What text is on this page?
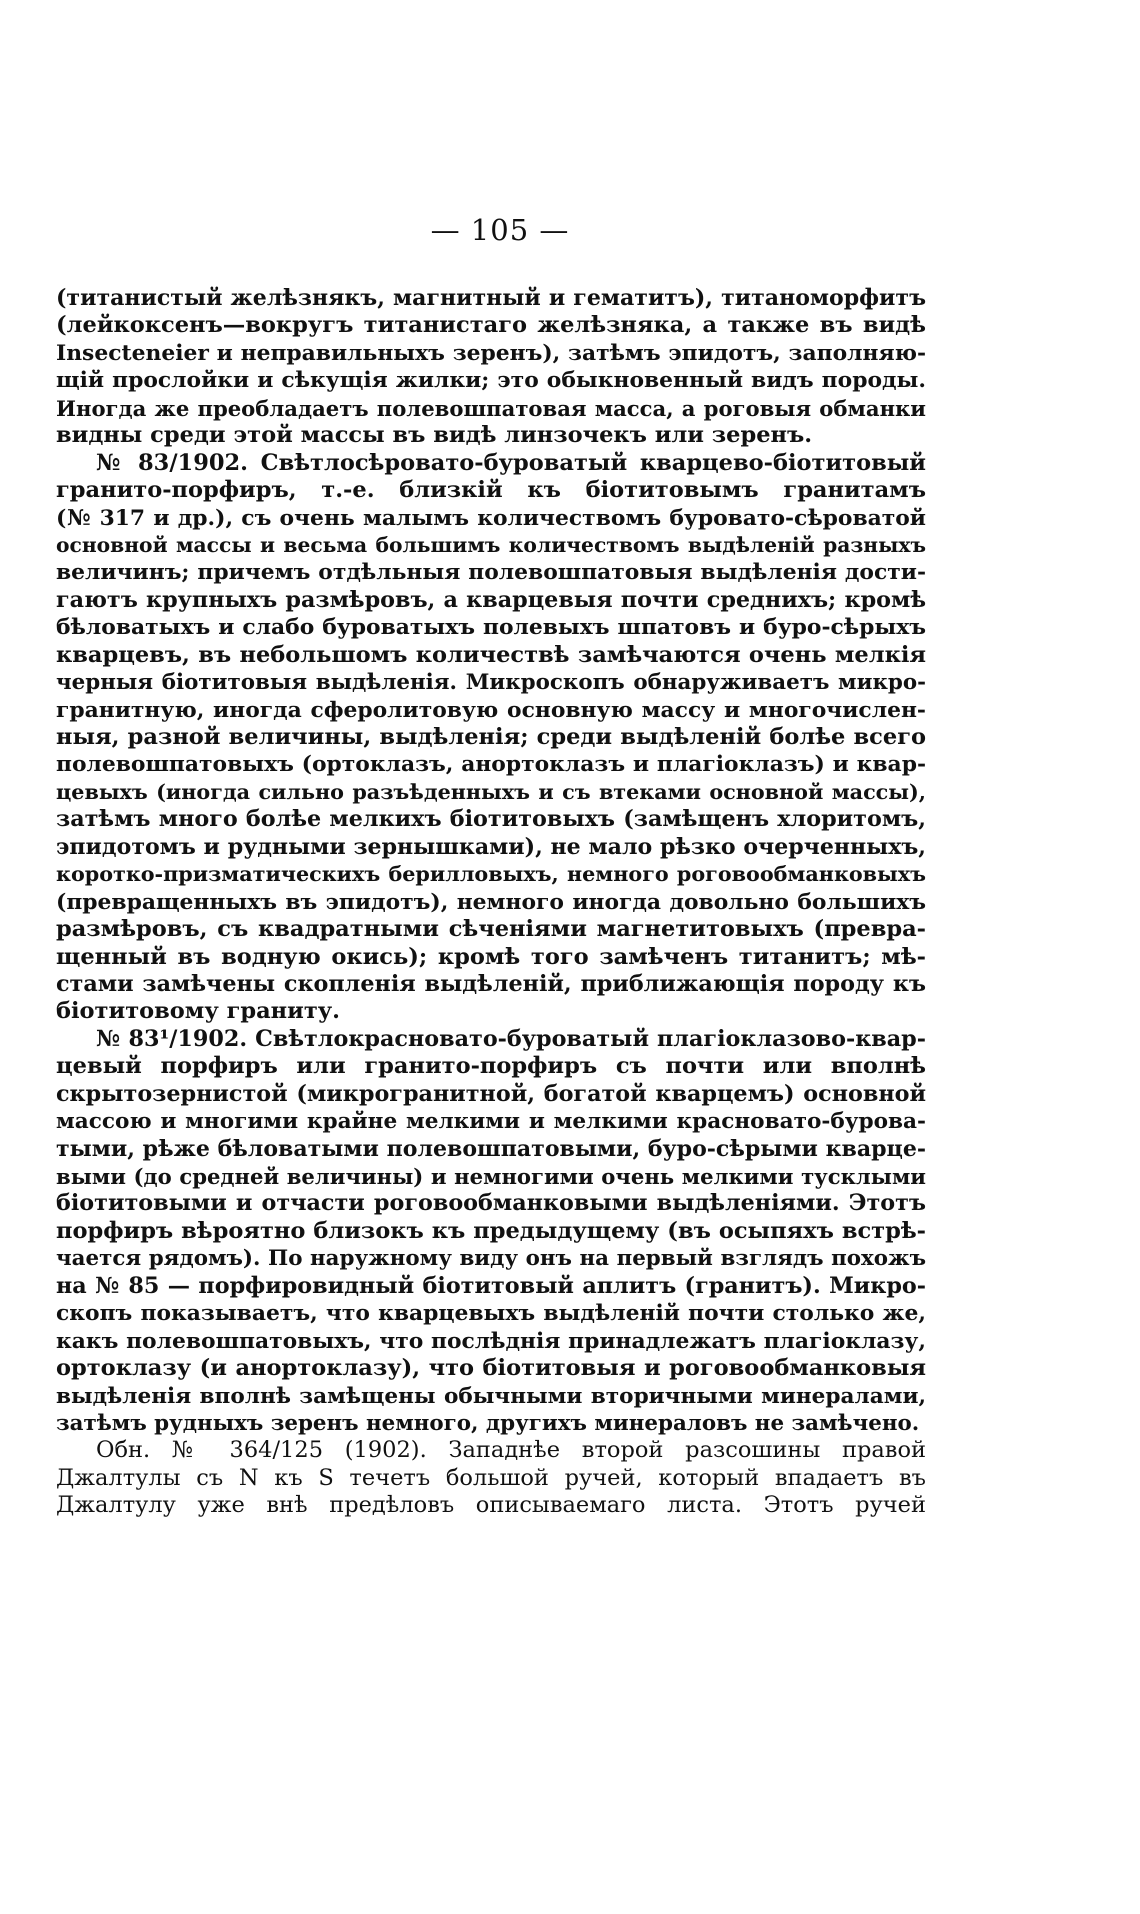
— 105 —
(титанистый желѣзнякъ, магнитный и гематитъ), титаноморфитъ
(лейкоксенъ—вокругъ титанистаго желѣзняка, а также въ видѣ
Insecteneier и неправильныхъ зеренъ), затѣмъ эпидотъ, заполняю-
щій прослойки и сѣкущія жилки; это обыкновенный видъ породы.
Иногда же преобладаетъ полевошпатовая масса, а роговыя обманки
видны среди этой массы въ видѣ линзочекъ или зеренъ.
№ 83/1902. Свѣтлосѣровато-буроватый кварцево-біотитовый
гранито-порфиръ, т.-е. близкій къ біотитовымъ гранитамъ
(№ 317 и др.), съ очень малымъ количествомъ буровато-сѣроватой
основной массы и весьма большимъ количествомъ выдѣленій разныхъ
величинъ; причемъ отдѣльныя полевошпатовыя выдѣленія дости-
гаютъ крупныхъ размѣровъ, а кварцевыя почти среднихъ; кромѣ
бѣловатыхъ и слабо буроватыхъ полевыхъ шпатовъ и буро-сѣрыхъ
кварцевъ, въ небольшомъ количествѣ замѣчаются очень мелкія
черныя біотитовыя выдѣленія. Микроскопъ обнаруживаетъ микро-
гранитную, иногда сферолитовую основную массу и многочислен-
ныя, разной величины, выдѣленія; среди выдѣленій болѣе всего
полевошпатовыхъ (ортоклазъ, анортоклазъ и плагіоклазъ) и квар-
цевыхъ (иногда сильно разъѣденныхъ и съ втеками основной массы),
затѣмъ много болѣе мелкихъ біотитовыхъ (замѣщенъ хлоритомъ,
эпидотомъ и рудными зернышками), не мало рѣзко очерченныхъ,
коротко-призматическихъ берилловыхъ, немного роговообманковыхъ
(превращенныхъ въ эпидотъ), немного иногда довольно большихъ
размѣровъ, съ квадратными сѣченіями магнетитовыхъ (превра-
щенный въ водную окись); кромѣ того замѣченъ титанитъ; мѣ-
стами замѣчены скопленія выдѣленій, приближающія породу къ
біотитовому граниту.
№ 83¹/1902. Свѣтлокрасновато-буроватый плагіоклазово-квар-
цевый порфиръ или гранито-порфиръ съ почти или вполнѣ
скрытозернистой (микрогранитной, богатой кварцемъ) основной
массою и многими крайне мелкими и мелкими красновато-бурова-
тыми, рѣже бѣловатыми полевошпатовыми, буро-сѣрыми кварце-
выми (до средней величины) и немногими очень мелкими тусклыми
біотитовыми и отчасти роговообманковыми выдѣленіями. Этотъ
порфиръ вѣроятно близокъ къ предыдущему (въ осыпяхъ встрѣ-
чается рядомъ). По наружному виду онъ на первый взглядъ похожъ
на № 85 — порфировидный біотитовый аплитъ (гранитъ). Микро-
скопъ показываетъ, что кварцевыхъ выдѣленій почти столько же,
какъ полевошпатовыхъ, что послѣднія принадлежатъ плагіоклазу,
ортоклазу (и анортоклазу), что біотитовыя и роговообманковыя
выдѣленія вполнѣ замѣщены обычными вторичными минералами,
затѣмъ рудныхъ зеренъ немного, другихъ минераловъ не замѣчено.
Обн. № 364/125 (1902). Западнѣе второй разсошины правой
Джалтулы съ N къ S течетъ большой ручей, который впадаетъ въ
Джалтулу уже внѣ предѣловъ описываемаго листа. Этотъ ручей
